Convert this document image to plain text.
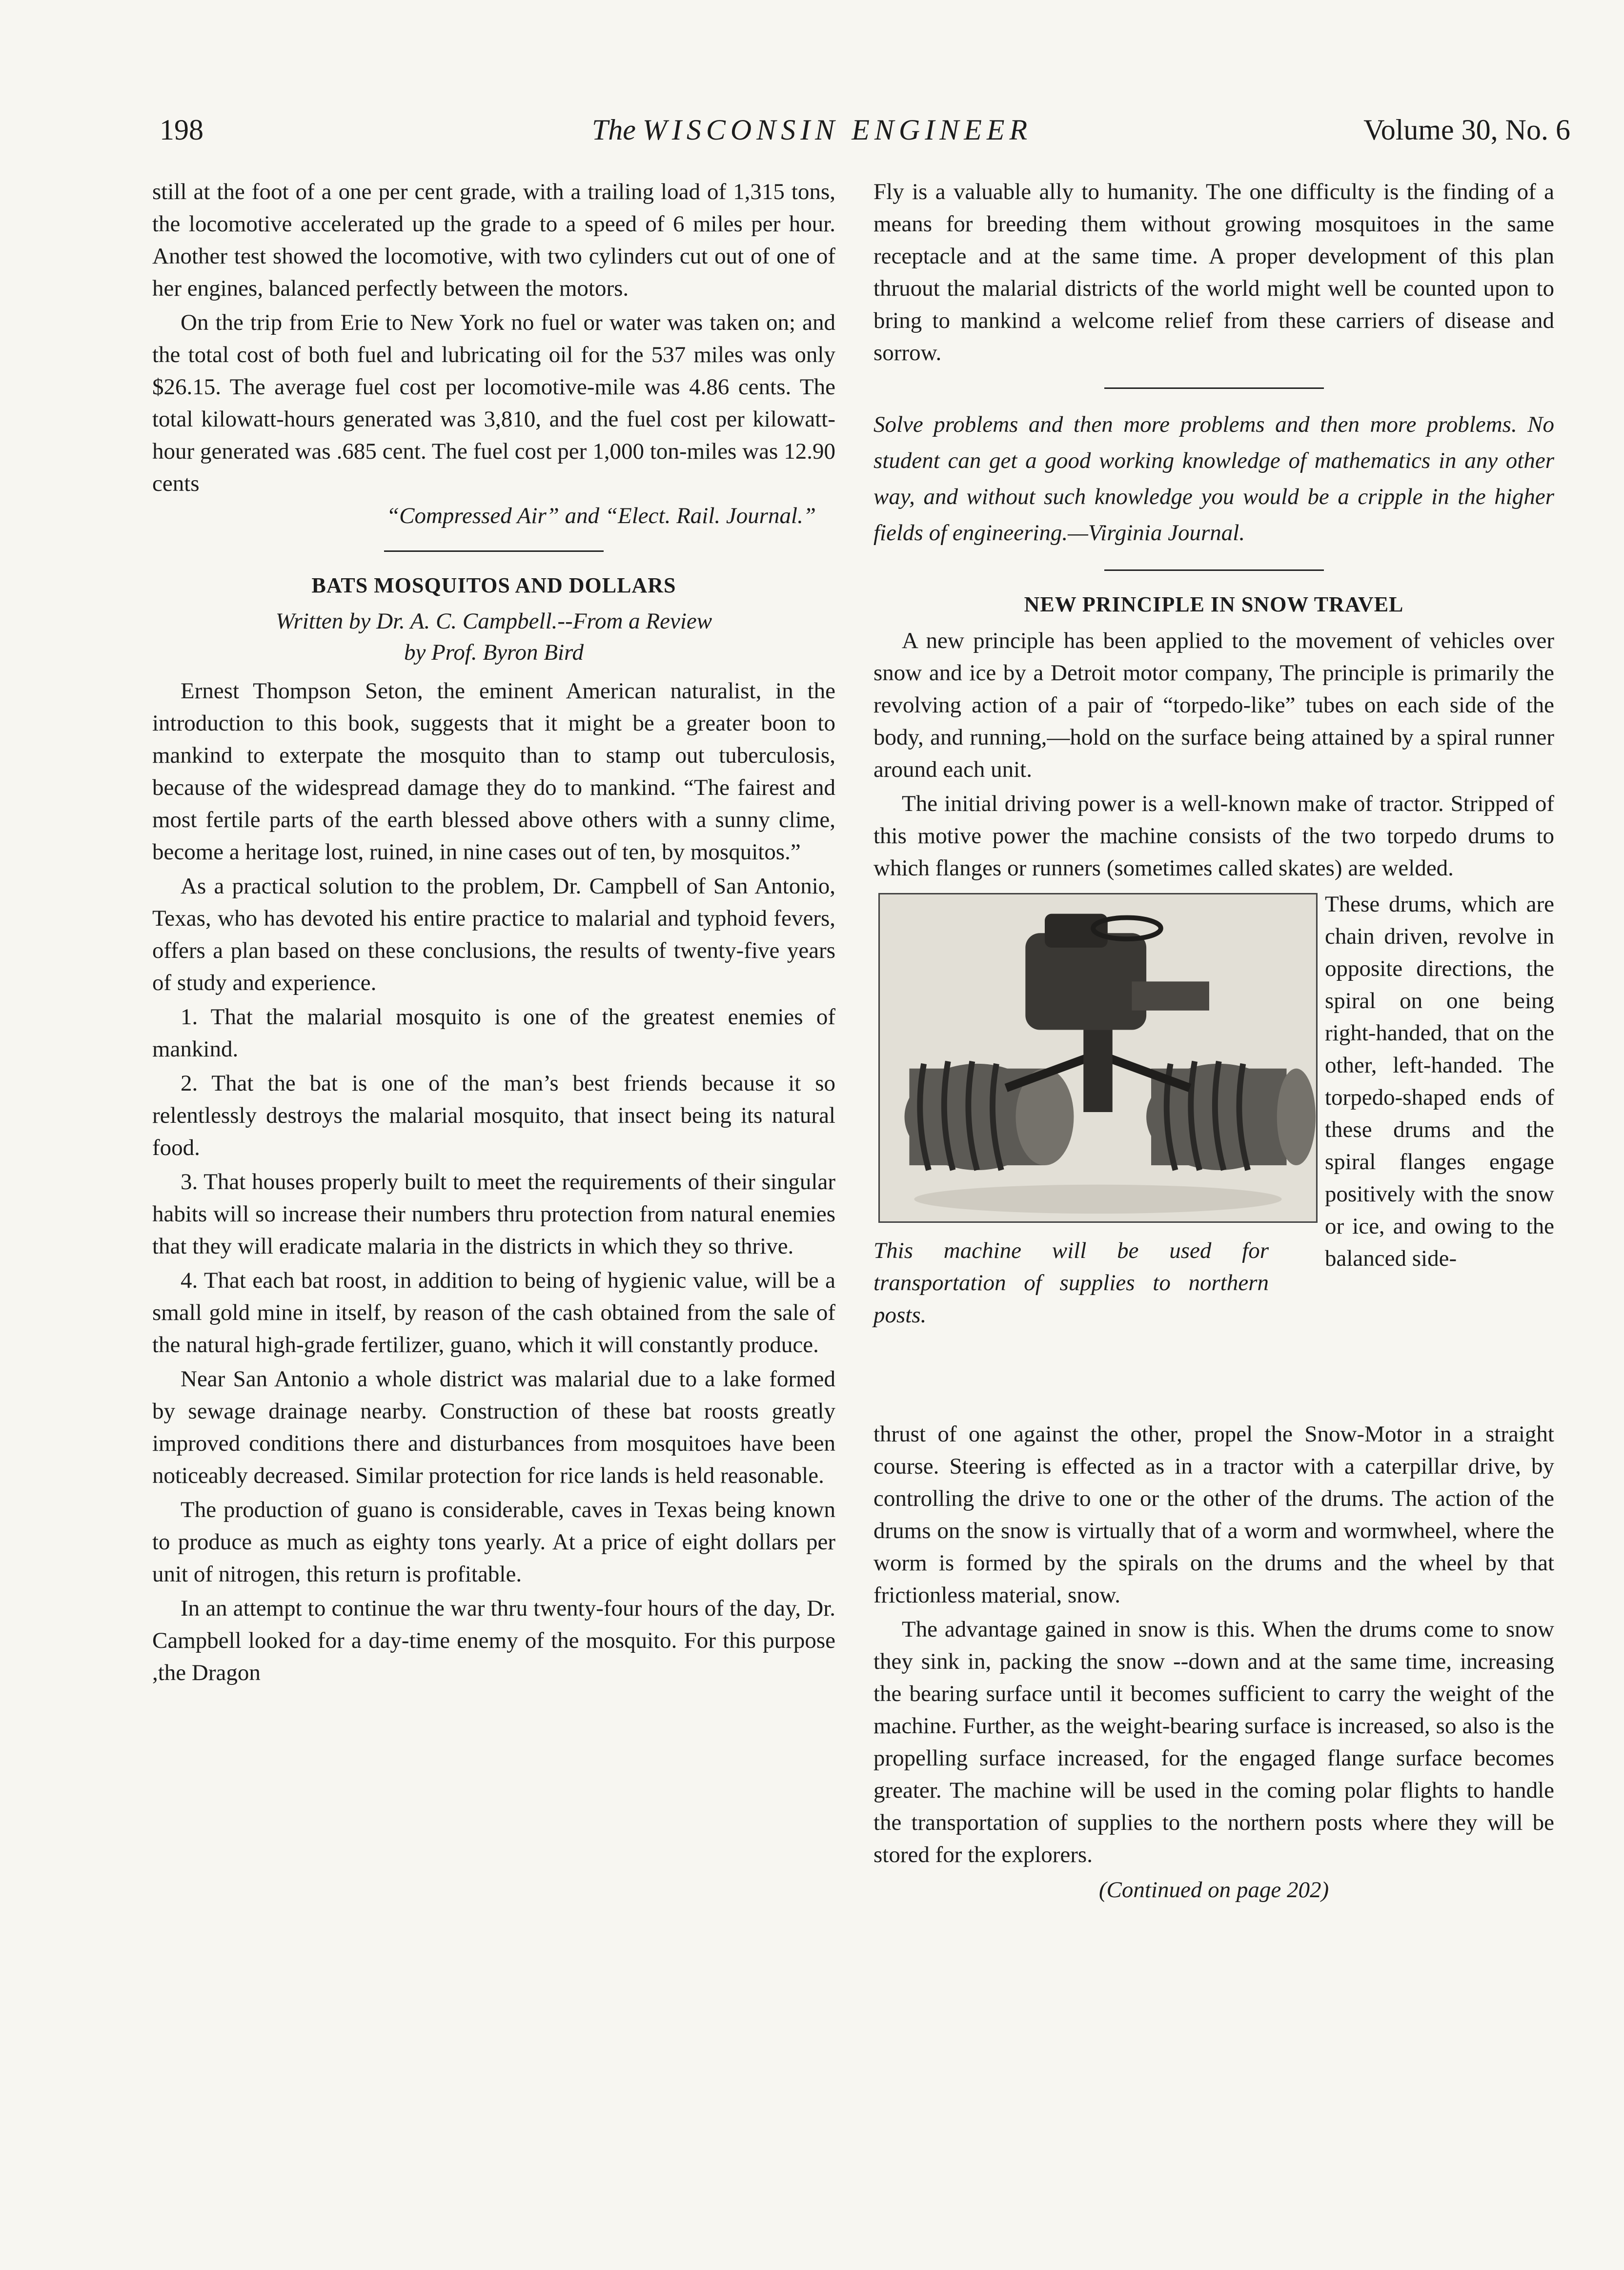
198	The WISCONSIN ENGINEER	Volume 30, No. 6

still at the foot of a one per cent grade, with a trailing load of 1,315 tons, the locomotive accelerated up the grade to a speed of 6 miles per hour. Another test showed the locomotive, with two cylinders cut out of one of her engines, balanced perfectly between the motors.

On the trip from Erie to New York no fuel or water was taken on; and the total cost of both fuel and lubricating oil for the 537 miles was only $26.15. The average fuel cost per locomotive-mile was 4.86 cents. The total kilowatt-hours generated was 3,810, and the fuel cost per kilowatt-hour generated was .685 cent. The fuel cost per 1,000 ton-miles was 12.90 cents

“Compressed Air” and “Elect. Rail. Journal.”
BATS MOSQUITOS AND DOLLARS
Written by Dr. A. C. Campbell.--From a Review
by Prof. Byron Bird

Ernest Thompson Seton, the eminent American naturalist, in the introduction to this book, suggests that it might be a greater boon to mankind to exterpate the mosquito than to stamp out tuberculosis, because of the widespread damage they do to mankind. “The fairest and most fertile parts of the earth blessed above others with a sunny clime, become a heritage lost, ruined, in nine cases out of ten, by mosquitos.”

As a practical solution to the problem, Dr. Campbell of San Antonio, Texas, who has devoted his entire practice to malarial and typhoid fevers, offers a plan based on these conclusions, the results of twenty-five years of study and experience.

1. That the malarial mosquito is one of the greatest enemies of mankind.

2. That the bat is one of the man’s best friends because it so relentlessly destroys the malarial mosquito, that insect being its natural food.

3. That houses properly built to meet the requirements of their singular habits will so increase their numbers thru protection from natural enemies that they will eradicate malaria in the districts in which they so thrive.

4. That each bat roost, in addition to being of hygienic value, will be a small gold mine in itself, by reason of the cash obtained from the sale of the natural high-grade fertilizer, guano, which it will constantly produce.

Near San Antonio a whole district was malarial due to a lake formed by sewage drainage nearby. Construction of these bat roosts greatly improved conditions there and disturbances from mosquitoes have been noticeably decreased. Similar protection for rice lands is held reasonable.

The production of guano is considerable, caves in Texas being known to produce as much as eighty tons yearly. At a price of eight dollars per unit of nitrogen, this return is profitable.

In an attempt to continue the war thru twenty-four hours of the day, Dr. Campbell looked for a day-time enemy of the mosquito. For this purpose ,the Dragon

Fly is a valuable ally to humanity. The one difficulty is the finding of a means for breeding them without growing mosquitoes in the same receptacle and at the same time. A proper development of this plan thruout the malarial districts of the world might well be counted upon to bring to mankind a welcome relief from these carriers of disease and sorrow.

Solve problems and then more problems and then more problems. No student can get a good working knowledge of mathematics in any other way, and without such knowledge you would be a cripple in the higher fields of engineering.—Virginia Journal.

NEW PRINCIPLE IN SNOW TRAVEL

A new principle has been applied to the movement of vehicles over snow and ice by a Detroit motor company, The principle is primarily the revolving action of a pair of “torpedo-like” tubes on each side of the body, and running,—hold on the surface being attained by a spiral runner around each unit.

The initial driving power is a well-known make of tractor. Stripped of this motive power the machine consists of the two torpedo drums to which flanges or runners (sometimes called skates) are welded.

These drums, which are chain driven, revolve in opposite directions, the spiral on one being right-handed, that on the other, left-handed. The torpedo-shaped ends of these drums and the spiral flanges engage positively with the snow or ice, and owing to the balanced side-
This machine will be used for transportation of supplies to northern posts.

thrust of one against the other, propel the Snow-Motor in a straight course. Steering is effected as in a tractor with a caterpillar drive, by controlling the drive to one or the other of the drums. The action of the drums on the snow is virtually that of a worm and wormwheel, where the worm is formed by the spirals on the drums and the wheel by that frictionless material, snow.

The advantage gained in snow is this. When the drums come to snow they sink in, packing the snow --down and at the same time, increasing the bearing surface until it becomes sufficient to carry the weight of the machine. Further, as the weight-bearing surface is increased, so also is the propelling surface increased, for the engaged flange surface becomes greater. The machine will be used in the coming polar flights to handle the transportation of supplies to the northern posts where they will be stored for the explorers.

(Continued on page 202)
